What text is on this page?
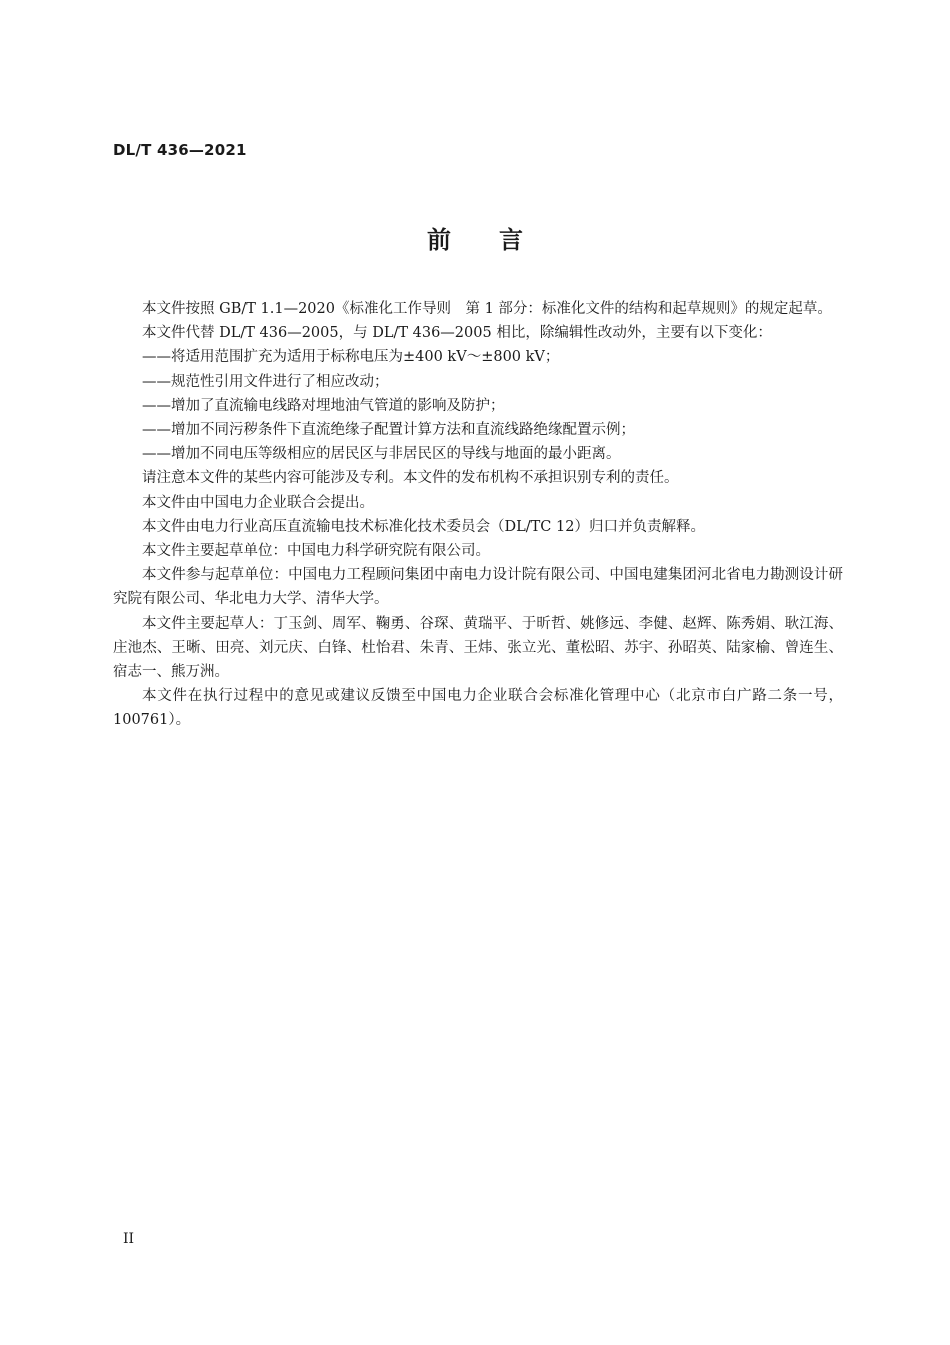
DL/T 436—2021
前言

本文件按照 GB/T 1.1—2020《标准化工作导则　第 1 部分：标准化文件的结构和起草规则》的规定起草。

本文件代替 DL/T 436—2005，与 DL/T 436—2005 相比，除编辑性改动外，主要有以下变化：

——将适用范围扩充为适用于标称电压为±400 kV～±800 kV；

——规范性引用文件进行了相应改动；

——增加了直流输电线路对埋地油气管道的影响及防护；

——增加不同污秽条件下直流绝缘子配置计算方法和直流线路绝缘配置示例；

——增加不同电压等级相应的居民区与非居民区的导线与地面的最小距离。

请注意本文件的某些内容可能涉及专利。本文件的发布机构不承担识别专利的责任。

本文件由中国电力企业联合会提出。

本文件由电力行业高压直流输电技术标准化技术委员会（DL/TC 12）归口并负责解释。

本文件主要起草单位：中国电力科学研究院有限公司。

本文件参与起草单位：中国电力工程顾问集团中南电力设计院有限公司、中国电建集团河北省电力勘测设计研究院有限公司、华北电力大学、清华大学。

本文件主要起草人：丁玉剑、周军、鞠勇、谷琛、黄瑞平、于昕哲、姚修远、李健、赵辉、陈秀娟、耿江海、庄池杰、王晰、田亮、刘元庆、白锋、杜怡君、朱青、王炜、张立光、董松昭、苏宇、孙昭英、陆家榆、曾连生、宿志一、熊万洲。

本文件在执行过程中的意见或建议反馈至中国电力企业联合会标准化管理中心（北京市白广路二条一号，100761）。

II
